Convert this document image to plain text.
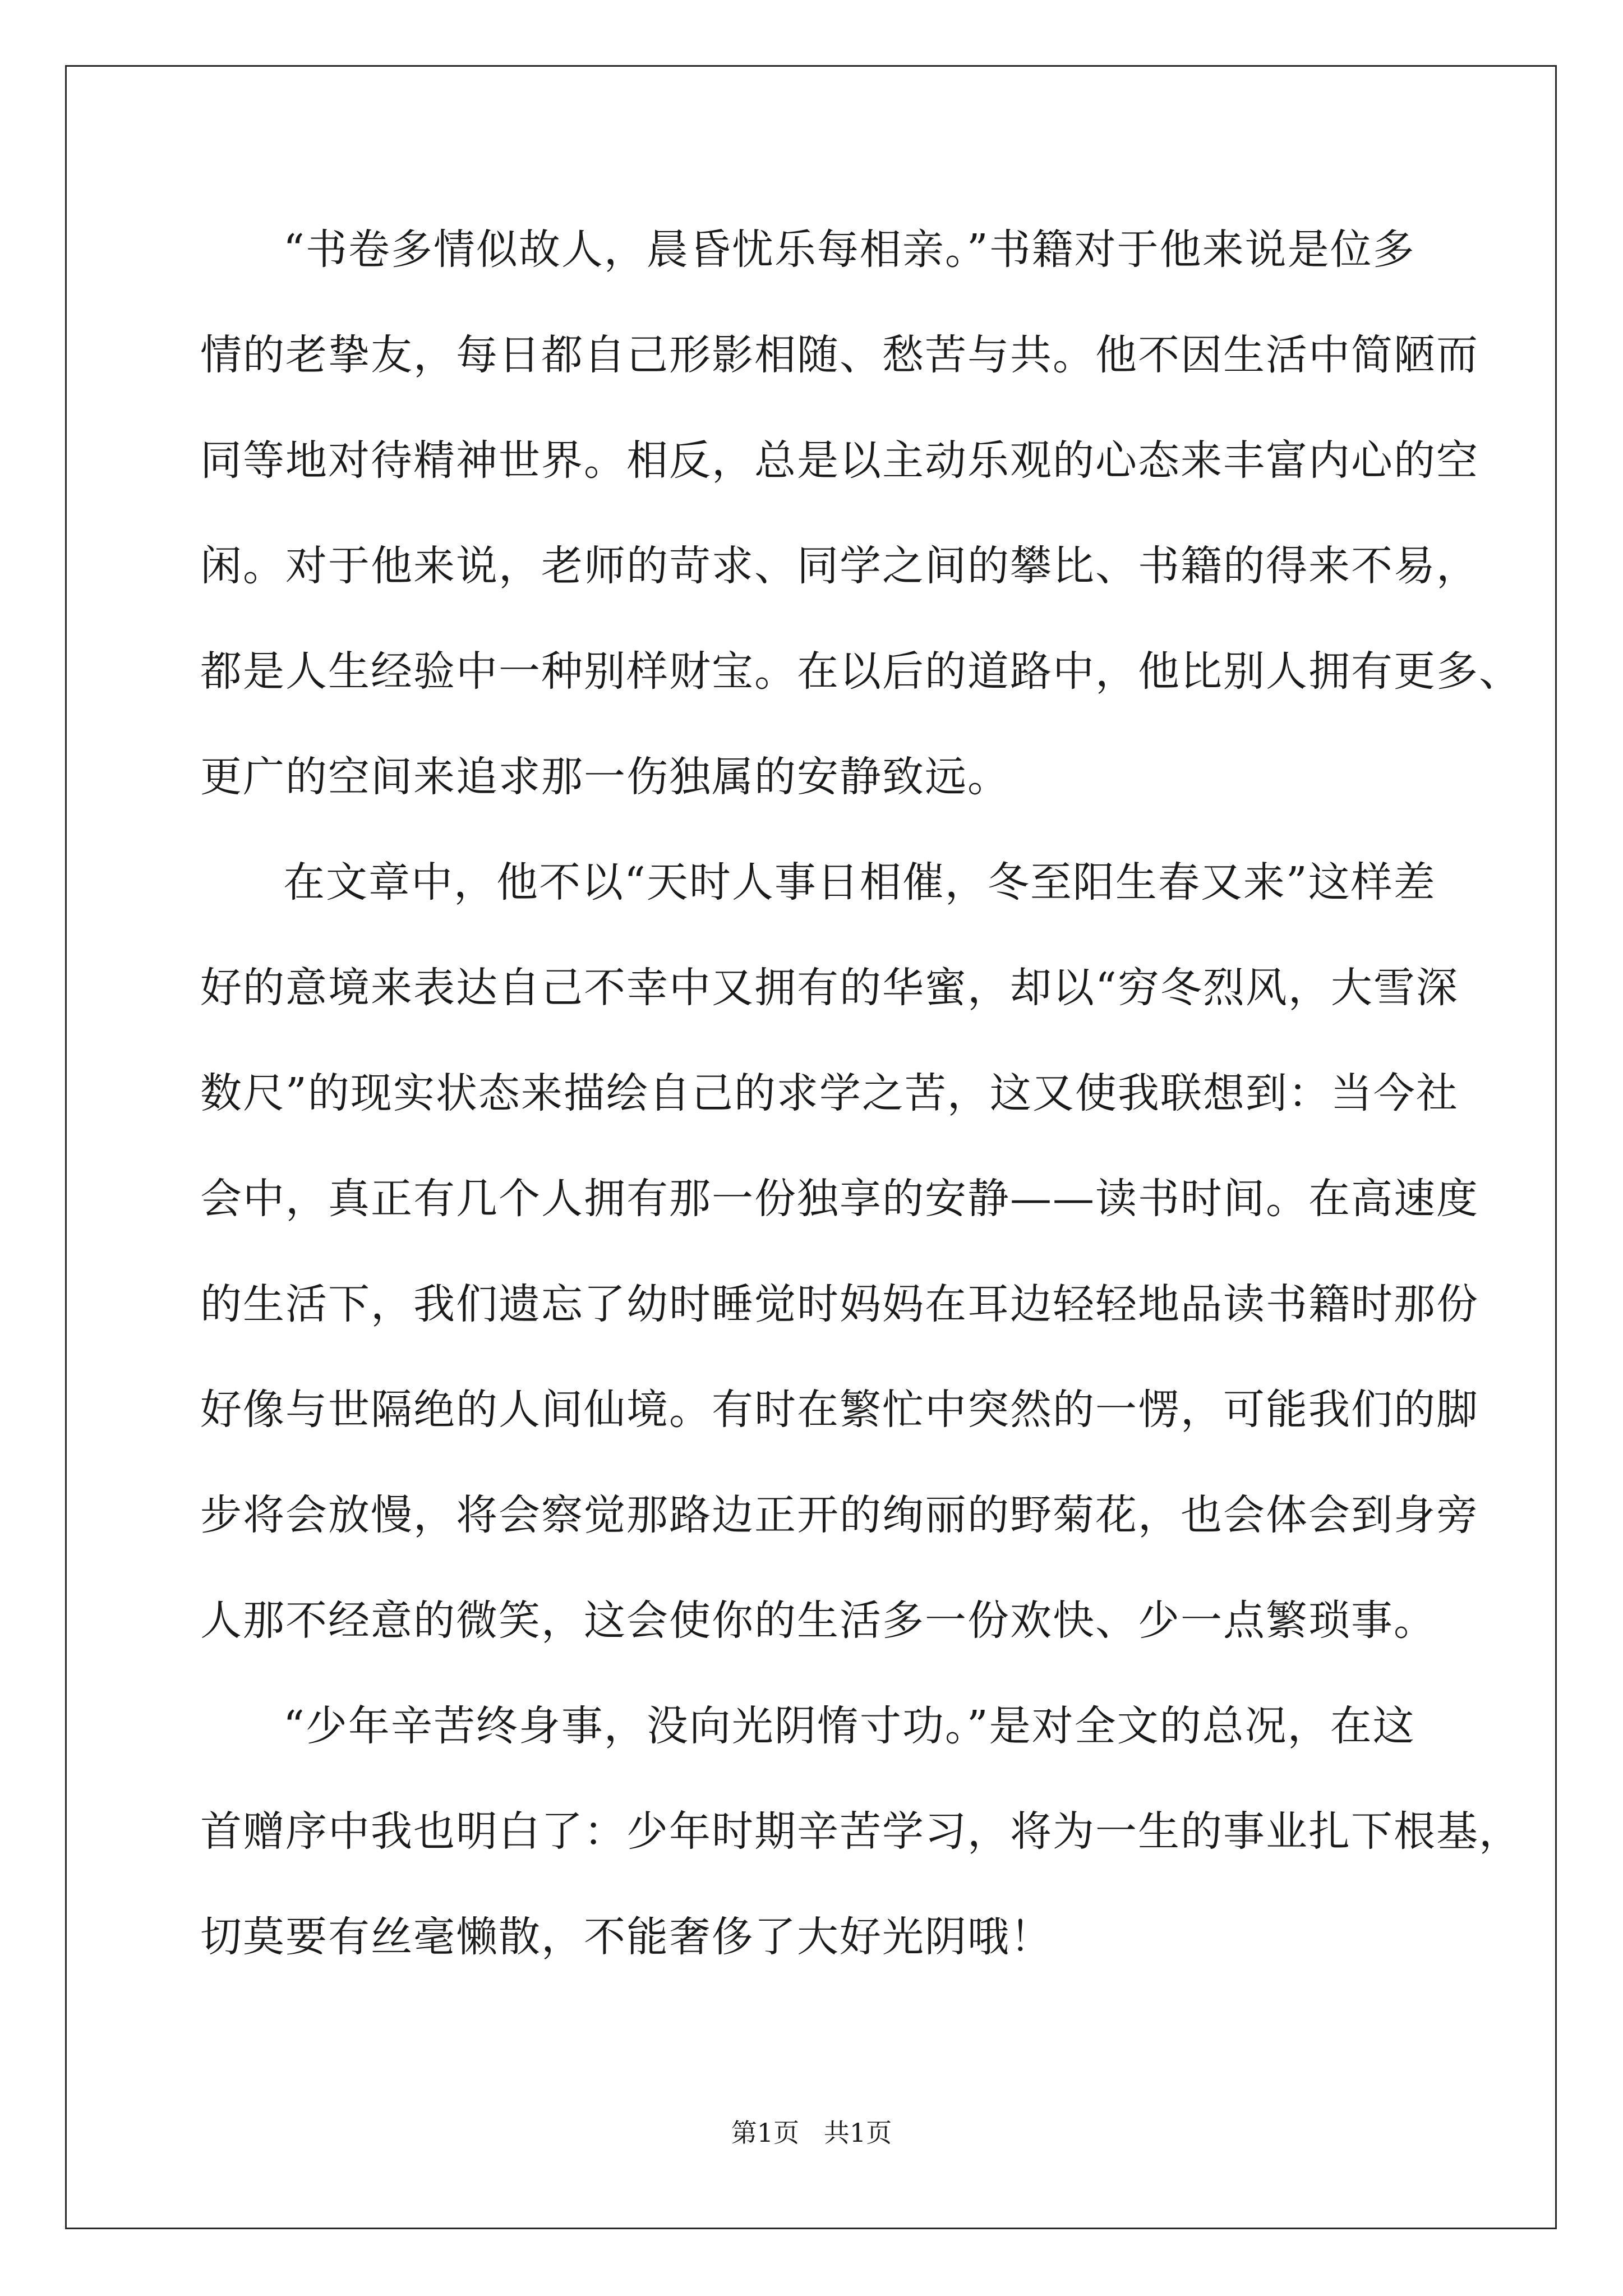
“书卷多情似故人，晨昏忧乐每相亲。”书籍对于他来说是位多
情的老挚友，每日都自己形影相随、愁苦与共。他不因生活中简陋而
同等地对待精神世界。相反，总是以主动乐观的心态来丰富内心的空
闲。对于他来说，老师的苛求、同学之间的攀比、书籍的得来不易，
都是人生经验中一种别样财宝。在以后的道路中，他比别人拥有更多、
更广的空间来追求那一伤独属的安静致远。
在文章中，他不以“天时人事日相催，冬至阳生春又来”这样差
好的意境来表达自己不幸中又拥有的华蜜，却以“穷冬烈风，大雪深
数尺”的现实状态来描绘自己的求学之苦，这又使我联想到：当今社
会中，真正有几个人拥有那一份独享的安静——读书时间。在高速度
的生活下，我们遗忘了幼时睡觉时妈妈在耳边轻轻地品读书籍时那份
好像与世隔绝的人间仙境。有时在繁忙中突然的一愣，可能我们的脚
步将会放慢，将会察觉那路边正开的绚丽的野菊花，也会体会到身旁
人那不经意的微笑，这会使你的生活多一份欢快、少一点繁琐事。
“少年辛苦终身事，没向光阴惰寸功。”是对全文的总况，在这
首赠序中我也明白了：少年时期辛苦学习，将为一生的事业扎下根基，
切莫要有丝毫懒散，不能奢侈了大好光阴哦！
第1页   共1页
